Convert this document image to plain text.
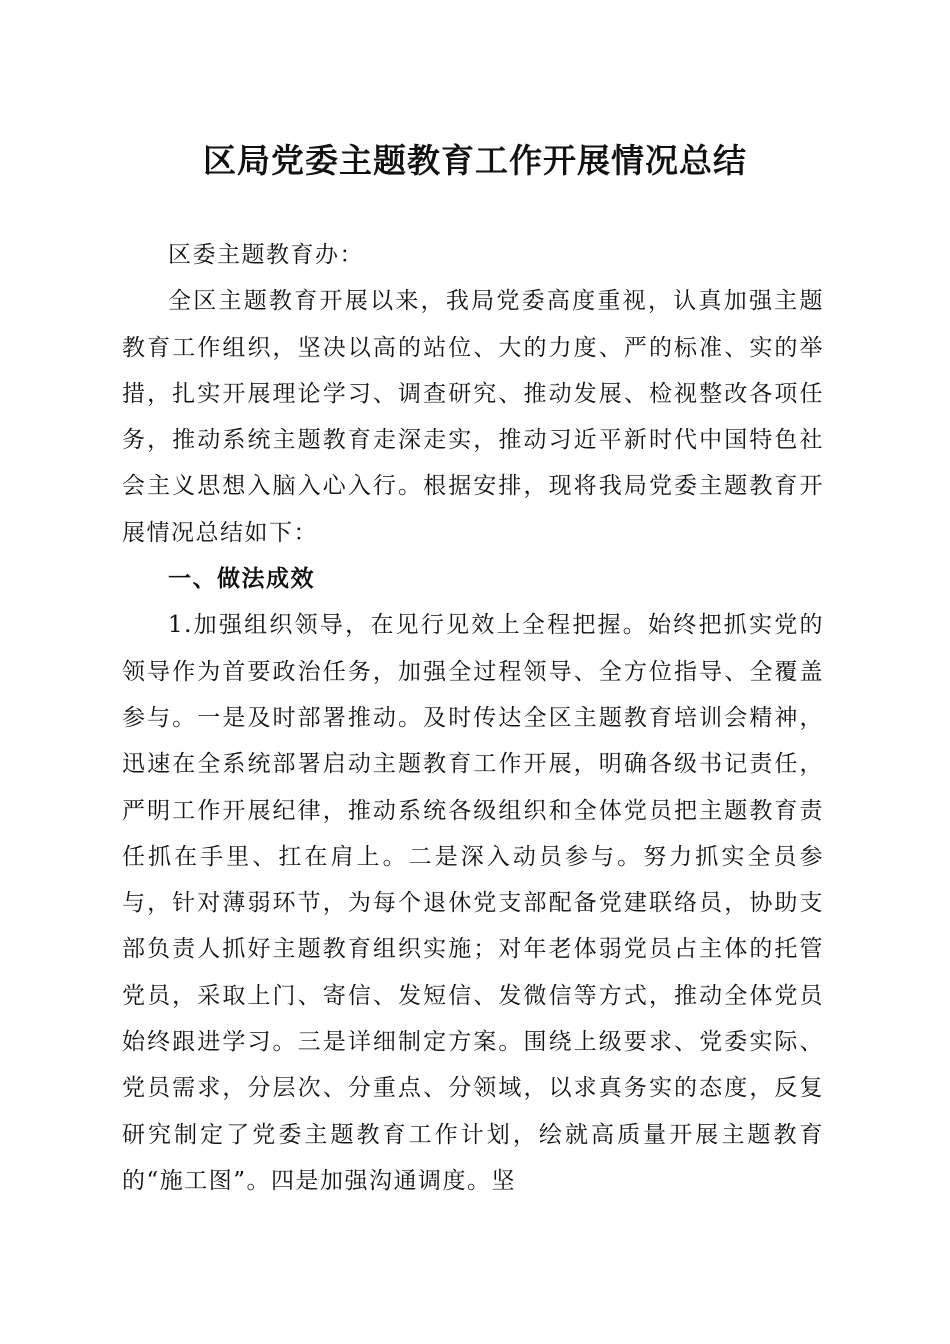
区局党委主题教育工作开展情况总结

区委主题教育办：

全区主题教育开展以来，我局党委高度重视，认真加强主题教育工作组织，坚决以高的站位、大的力度、严的标准、实的举措，扎实开展理论学习、调查研究、推动发展、检视整改各项任务，推动系统主题教育走深走实，推动习近平新时代中国特色社会主义思想入脑入心入行。根据安排，现将我局党委主题教育开展情况总结如下：

一、做法成效

1.加强组织领导，在见行见效上全程把握。始终把抓实党的领导作为首要政治任务，加强全过程领导、全方位指导、全覆盖参与。一是及时部署推动。及时传达全区主题教育培训会精神，迅速在全系统部署启动主题教育工作开展，明确各级书记责任，严明工作开展纪律，推动系统各级组织和全体党员把主题教育责任抓在手里、扛在肩上。二是深入动员参与。努力抓实全员参与，针对薄弱环节，为每个退休党支部配备党建联络员，协助支部负责人抓好主题教育组织实施；对年老体弱党员占主体的托管党员，采取上门、寄信、发短信、发微信等方式，推动全体党员始终跟进学习。三是详细制定方案。围绕上级要求、党委实际、党员需求，分层次、分重点、分领域，以求真务实的态度，反复研究制定了党委主题教育工作计划，绘就高质量开展主题教育的“施工图”。四是加强沟通调度。坚
